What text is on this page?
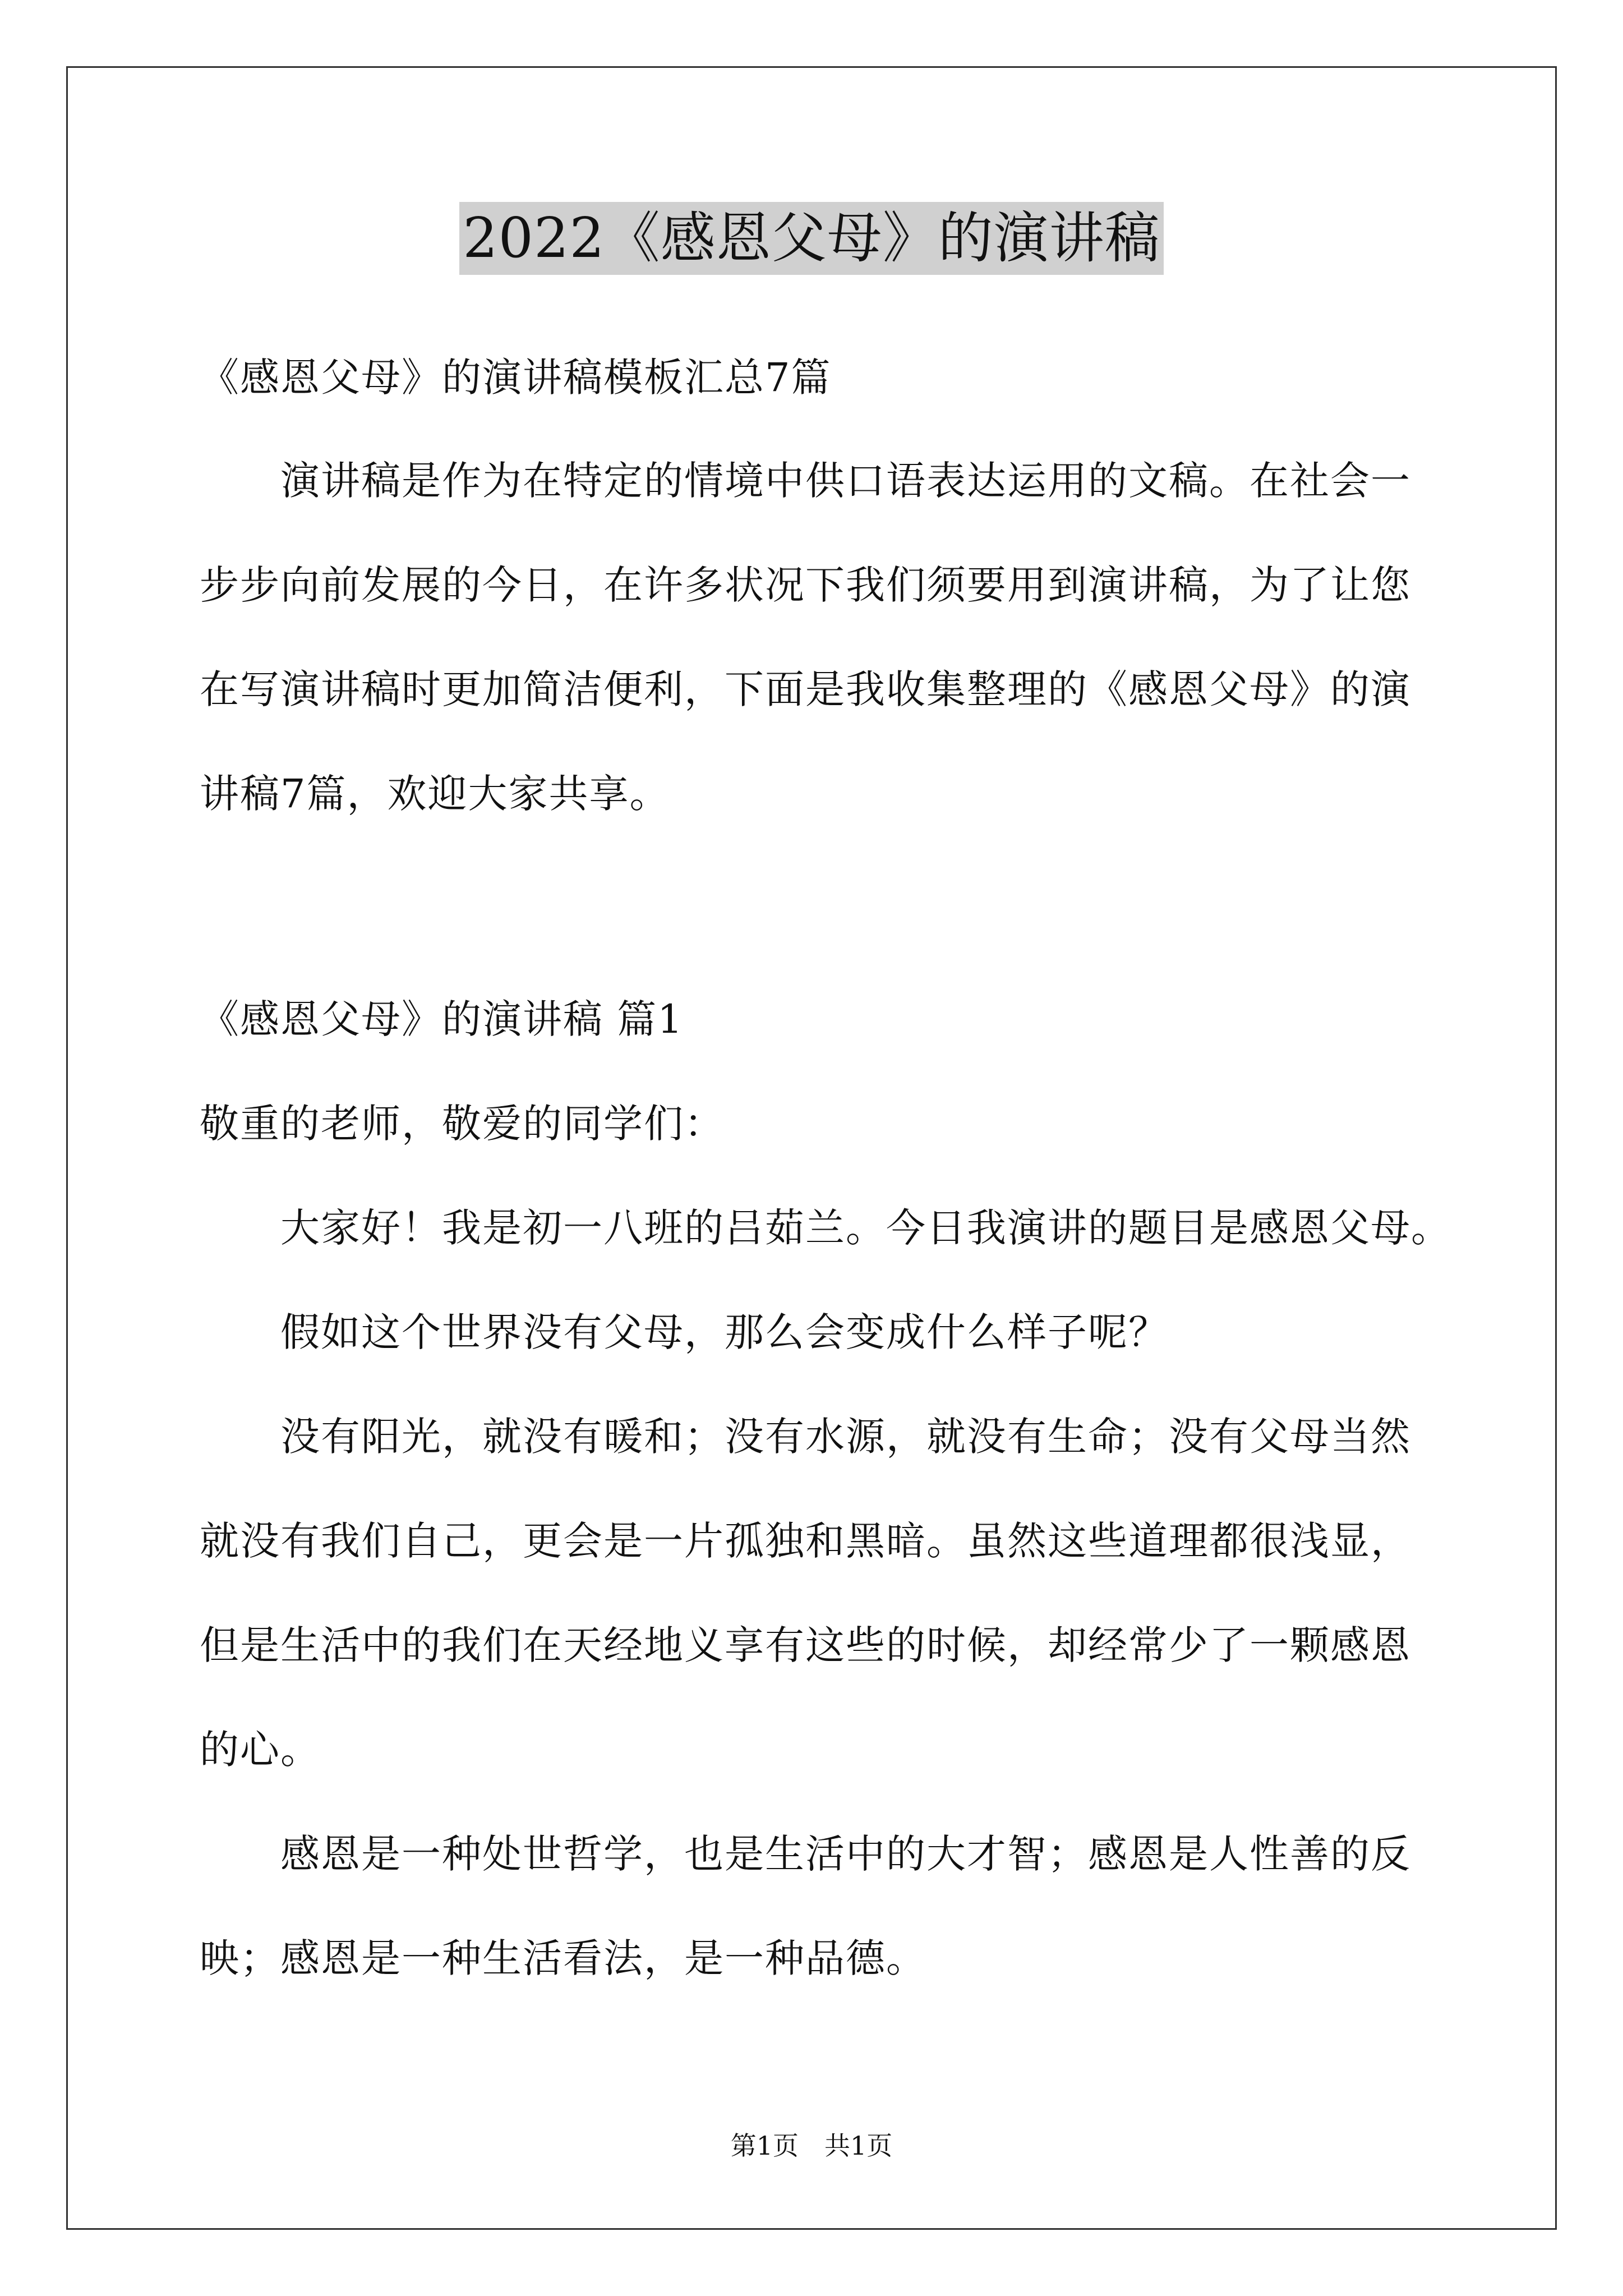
2022《感恩父母》的演讲稿
《感恩父母》的演讲稿模板汇总7篇
演讲稿是作为在特定的情境中供口语表达运用的文稿。在社会一
步步向前发展的今日，在许多状况下我们须要用到演讲稿，为了让您
在写演讲稿时更加简洁便利，下面是我收集整理的《感恩父母》的演
讲稿7篇，欢迎大家共享。
《感恩父母》的演讲稿 篇1
敬重的老师，敬爱的同学们：
大家好！我是初一八班的吕茹兰。今日我演讲的题目是感恩父母。
假如这个世界没有父母，那么会变成什么样子呢？
没有阳光，就没有暖和；没有水源，就没有生命；没有父母当然
就没有我们自己，更会是一片孤独和黑暗。虽然这些道理都很浅显，
但是生活中的我们在天经地义享有这些的时候，却经常少了一颗感恩
的心。
感恩是一种处世哲学，也是生活中的大才智；感恩是人性善的反
映；感恩是一种生活看法，是一种品德。
第1页　共1页
